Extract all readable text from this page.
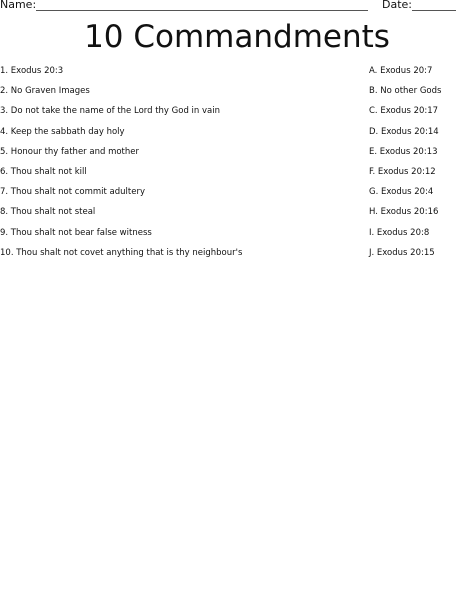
Name:	Date:
10 Commandments
1. Exodus 20:3	A. Exodus 20:7
2. No Graven Images	B. No other Gods
3. Do not take the name of the Lord thy God in vain	C. Exodus 20:17
4. Keep the sabbath day holy	D. Exodus 20:14
5. Honour thy father and mother	E. Exodus 20:13
6. Thou shalt not kill	F. Exodus 20:12
7. Thou shalt not commit adultery	G. Exodus 20:4
8. Thou shalt not steal	H. Exodus 20:16
9. Thou shalt not bear false witness	I. Exodus 20:8
10. Thou shalt not covet anything that is thy neighbour's	J. Exodus 20:15
